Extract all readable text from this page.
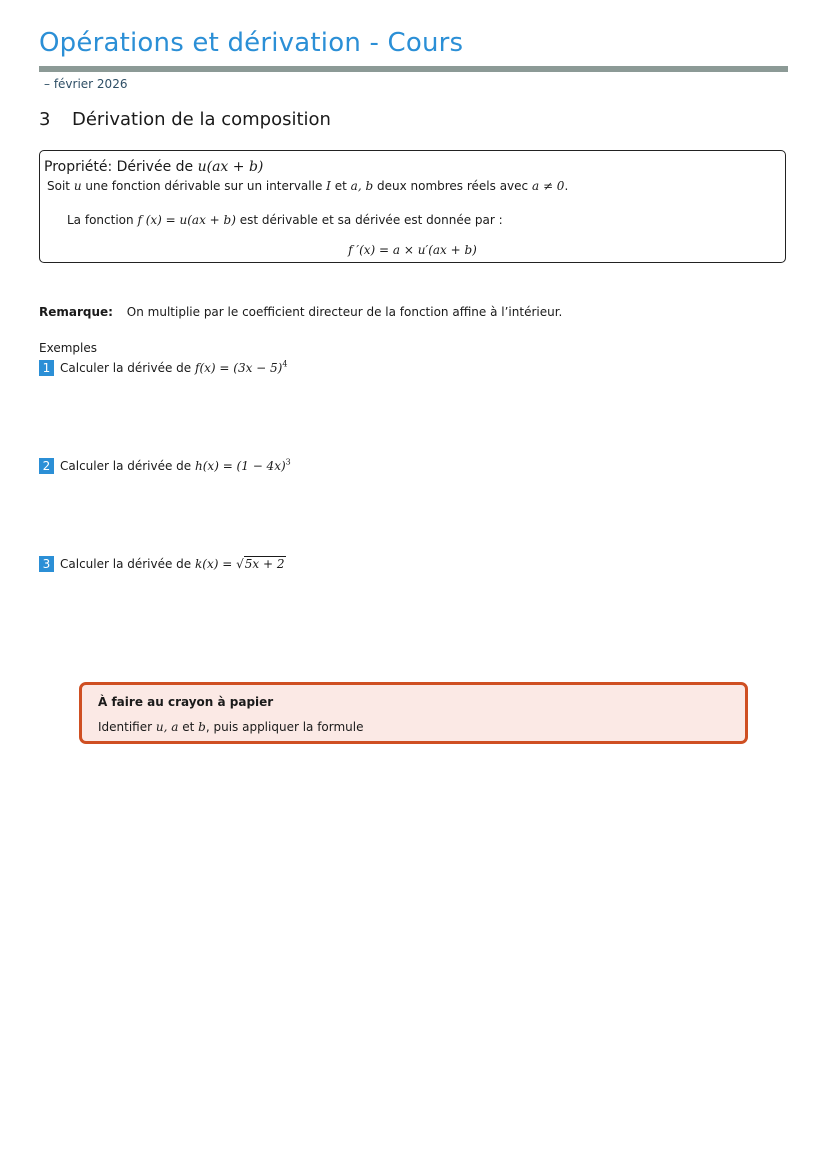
Opérations et dérivation - Cours
– février 2026
3 Dérivation de la composition
Propriété: Dérivée de u(ax + b)
Soit u une fonction dérivable sur un intervalle I et a, b deux nombres réels avec a ≠ 0.
La fonction f (x) = u(ax + b) est dérivable et sa dérivée est donnée par :
f ′(x) = a × u′(ax + b)
Remarque: On multiplie par le coefficient directeur de la fonction affine à l’intérieur.
Exemples
1 Calculer la dérivée de $f(x) = (3x - 5)^4$
2 Calculer la dérivée de $h(x) = (1 - 4x)^3$
3 Calculer la dérivée de k(x) = √5x + 2
À faire au crayon à papier
Identifier u, a et b, puis appliquer la formule
